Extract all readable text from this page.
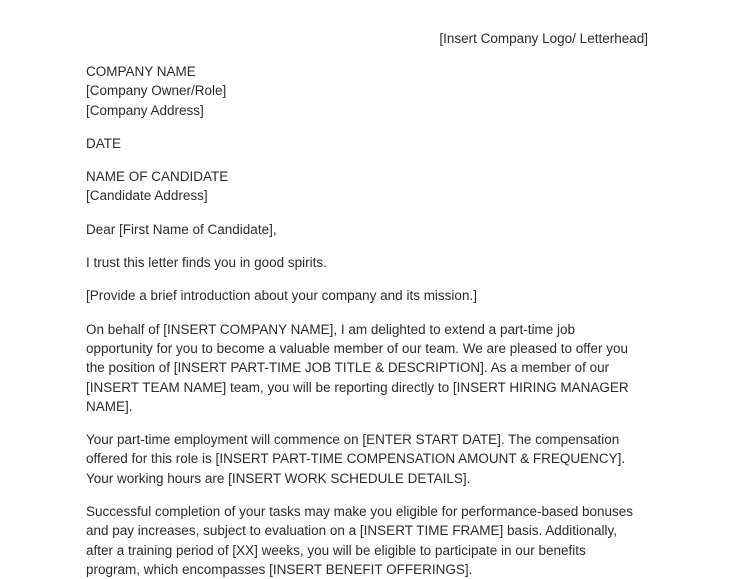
[Insert Company Logo/ Letterhead]
COMPANY NAME
[Company Owner/Role]
[Company Address]
DATE
NAME OF CANDIDATE
[Candidate Address]
Dear [First Name of Candidate],
I trust this letter finds you in good spirits.
[Provide a brief introduction about your company and its mission.]
On behalf of [INSERT COMPANY NAME], I am delighted to extend a part-time job opportunity for you to become a valuable member of our team. We are pleased to offer you the position of [INSERT PART-TIME JOB TITLE & DESCRIPTION]. As a member of our [INSERT TEAM NAME] team, you will be reporting directly to [INSERT HIRING MANAGER NAME].
Your part-time employment will commence on [ENTER START DATE]. The compensation offered for this role is [INSERT PART-TIME COMPENSATION AMOUNT & FREQUENCY]. Your working hours are [INSERT WORK SCHEDULE DETAILS].
Successful completion of your tasks may make you eligible for performance-based bonuses and pay increases, subject to evaluation on a [INSERT TIME FRAME] basis. Additionally, after a training period of [XX] weeks, you will be eligible to participate in our benefits program, which encompasses [INSERT BENEFIT OFFERINGS].
